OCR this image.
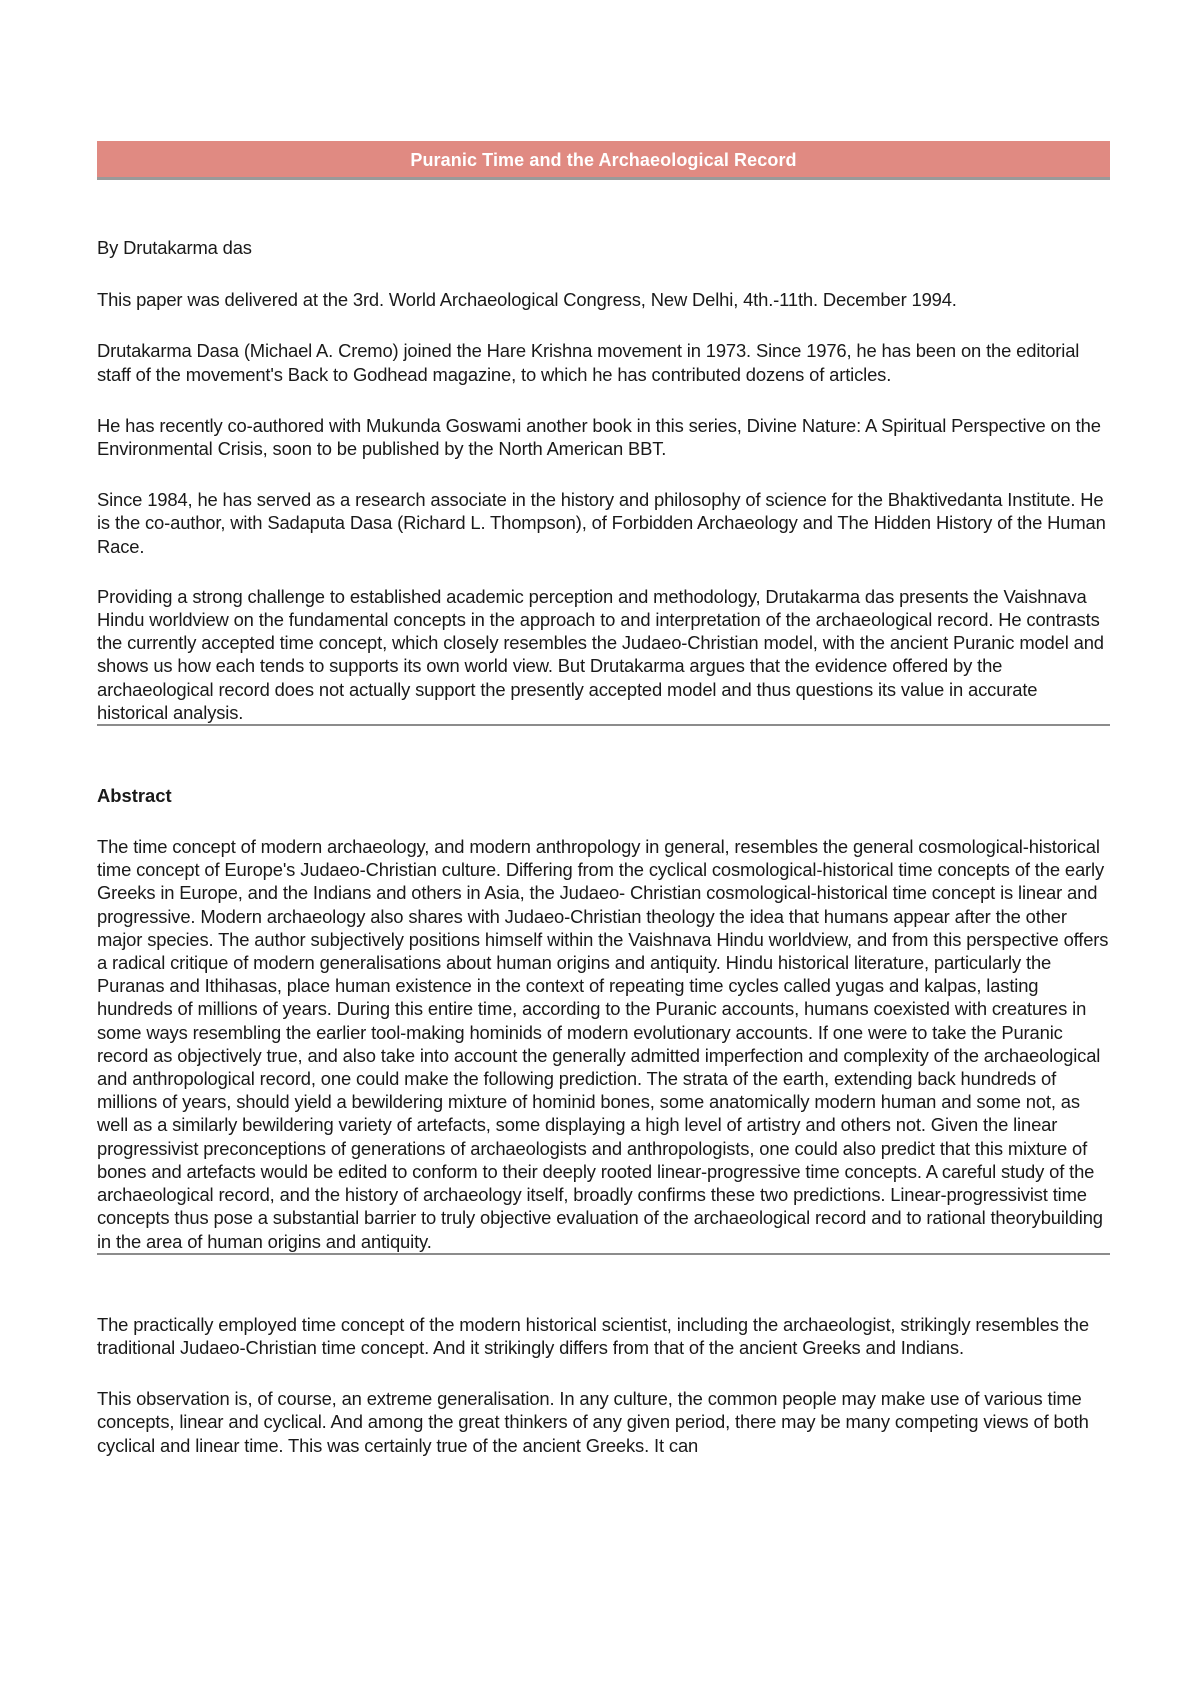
Puranic Time and the Archaeological Record

By Drutakarma das

This paper was delivered at the 3rd. World Archaeological Congress, New Delhi, 4th.-11th. December 1994.

Drutakarma Dasa (Michael A. Cremo) joined the Hare Krishna movement in 1973. Since 1976, he has been on the editorial staff of the movement's Back to Godhead magazine, to which he has contributed dozens of articles.

He has recently co-authored with Mukunda Goswami another book in this series, Divine Nature: A Spiritual Perspective on the Environmental Crisis, soon to be published by the North American BBT.

Since 1984, he has served as a research associate in the history and philosophy of science for the Bhaktivedanta Institute. He is the co-author, with Sadaputa Dasa (Richard L. Thompson), of Forbidden Archaeology and The Hidden History of the Human Race.

Providing a strong challenge to established academic perception and methodology, Drutakarma das presents the Vaishnava Hindu worldview on the fundamental concepts in the approach to and interpretation of the archaeological record. He contrasts the currently accepted time concept, which closely resembles the Judaeo-Christian model, with the ancient Puranic model and shows us how each tends to supports its own world view. But Drutakarma argues that the evidence offered by the archaeological record does not actually support the presently accepted model and thus questions its value in accurate historical analysis.

Abstract

The time concept of modern archaeology, and modern anthropology in general, resembles the general cosmological-historical time concept of Europe's Judaeo-Christian culture. Differing from the cyclical cosmological-historical time concepts of the early Greeks in Europe, and the Indians and others in Asia, the Judaeo- Christian cosmological-historical time concept is linear and progressive. Modern archaeology also shares with Judaeo-Christian theology the idea that humans appear after the other major species. The author subjectively positions himself within the Vaishnava Hindu worldview, and from this perspective offers a radical critique of modern generalisations about human origins and antiquity. Hindu historical literature, particularly the Puranas and Ithihasas, place human existence in the context of repeating time cycles called yugas and kalpas, lasting hundreds of millions of years. During this entire time, according to the Puranic accounts, humans coexisted with creatures in some ways resembling the earlier tool-making hominids of modern evolutionary accounts. If one were to take the Puranic record as objectively true, and also take into account the generally admitted imperfection and complexity of the archaeological and anthropological record, one could make the following prediction. The strata of the earth, extending back hundreds of millions of years, should yield a bewildering mixture of hominid bones, some anatomically modern human and some not, as well as a similarly bewildering variety of artefacts, some displaying a high level of artistry and others not. Given the linear progressivist preconceptions of generations of archaeologists and anthropologists, one could also predict that this mixture of bones and artefacts would be edited to conform to their deeply rooted linear-progressive time concepts. A careful study of the archaeological record, and the history of archaeology itself, broadly confirms these two predictions. Linear-progressivist time concepts thus pose a substantial barrier to truly objective evaluation of the archaeological record and to rational theorybuilding in the area of human origins and antiquity.

The practically employed time concept of the modern historical scientist, including the archaeologist, strikingly resembles the traditional Judaeo-Christian time concept. And it strikingly differs from that of the ancient Greeks and Indians.

This observation is, of course, an extreme generalisation. In any culture, the common people may make use of various time concepts, linear and cyclical. And among the great thinkers of any given period, there may be many competing views of both cyclical and linear time. This was certainly true of the ancient Greeks. It can
